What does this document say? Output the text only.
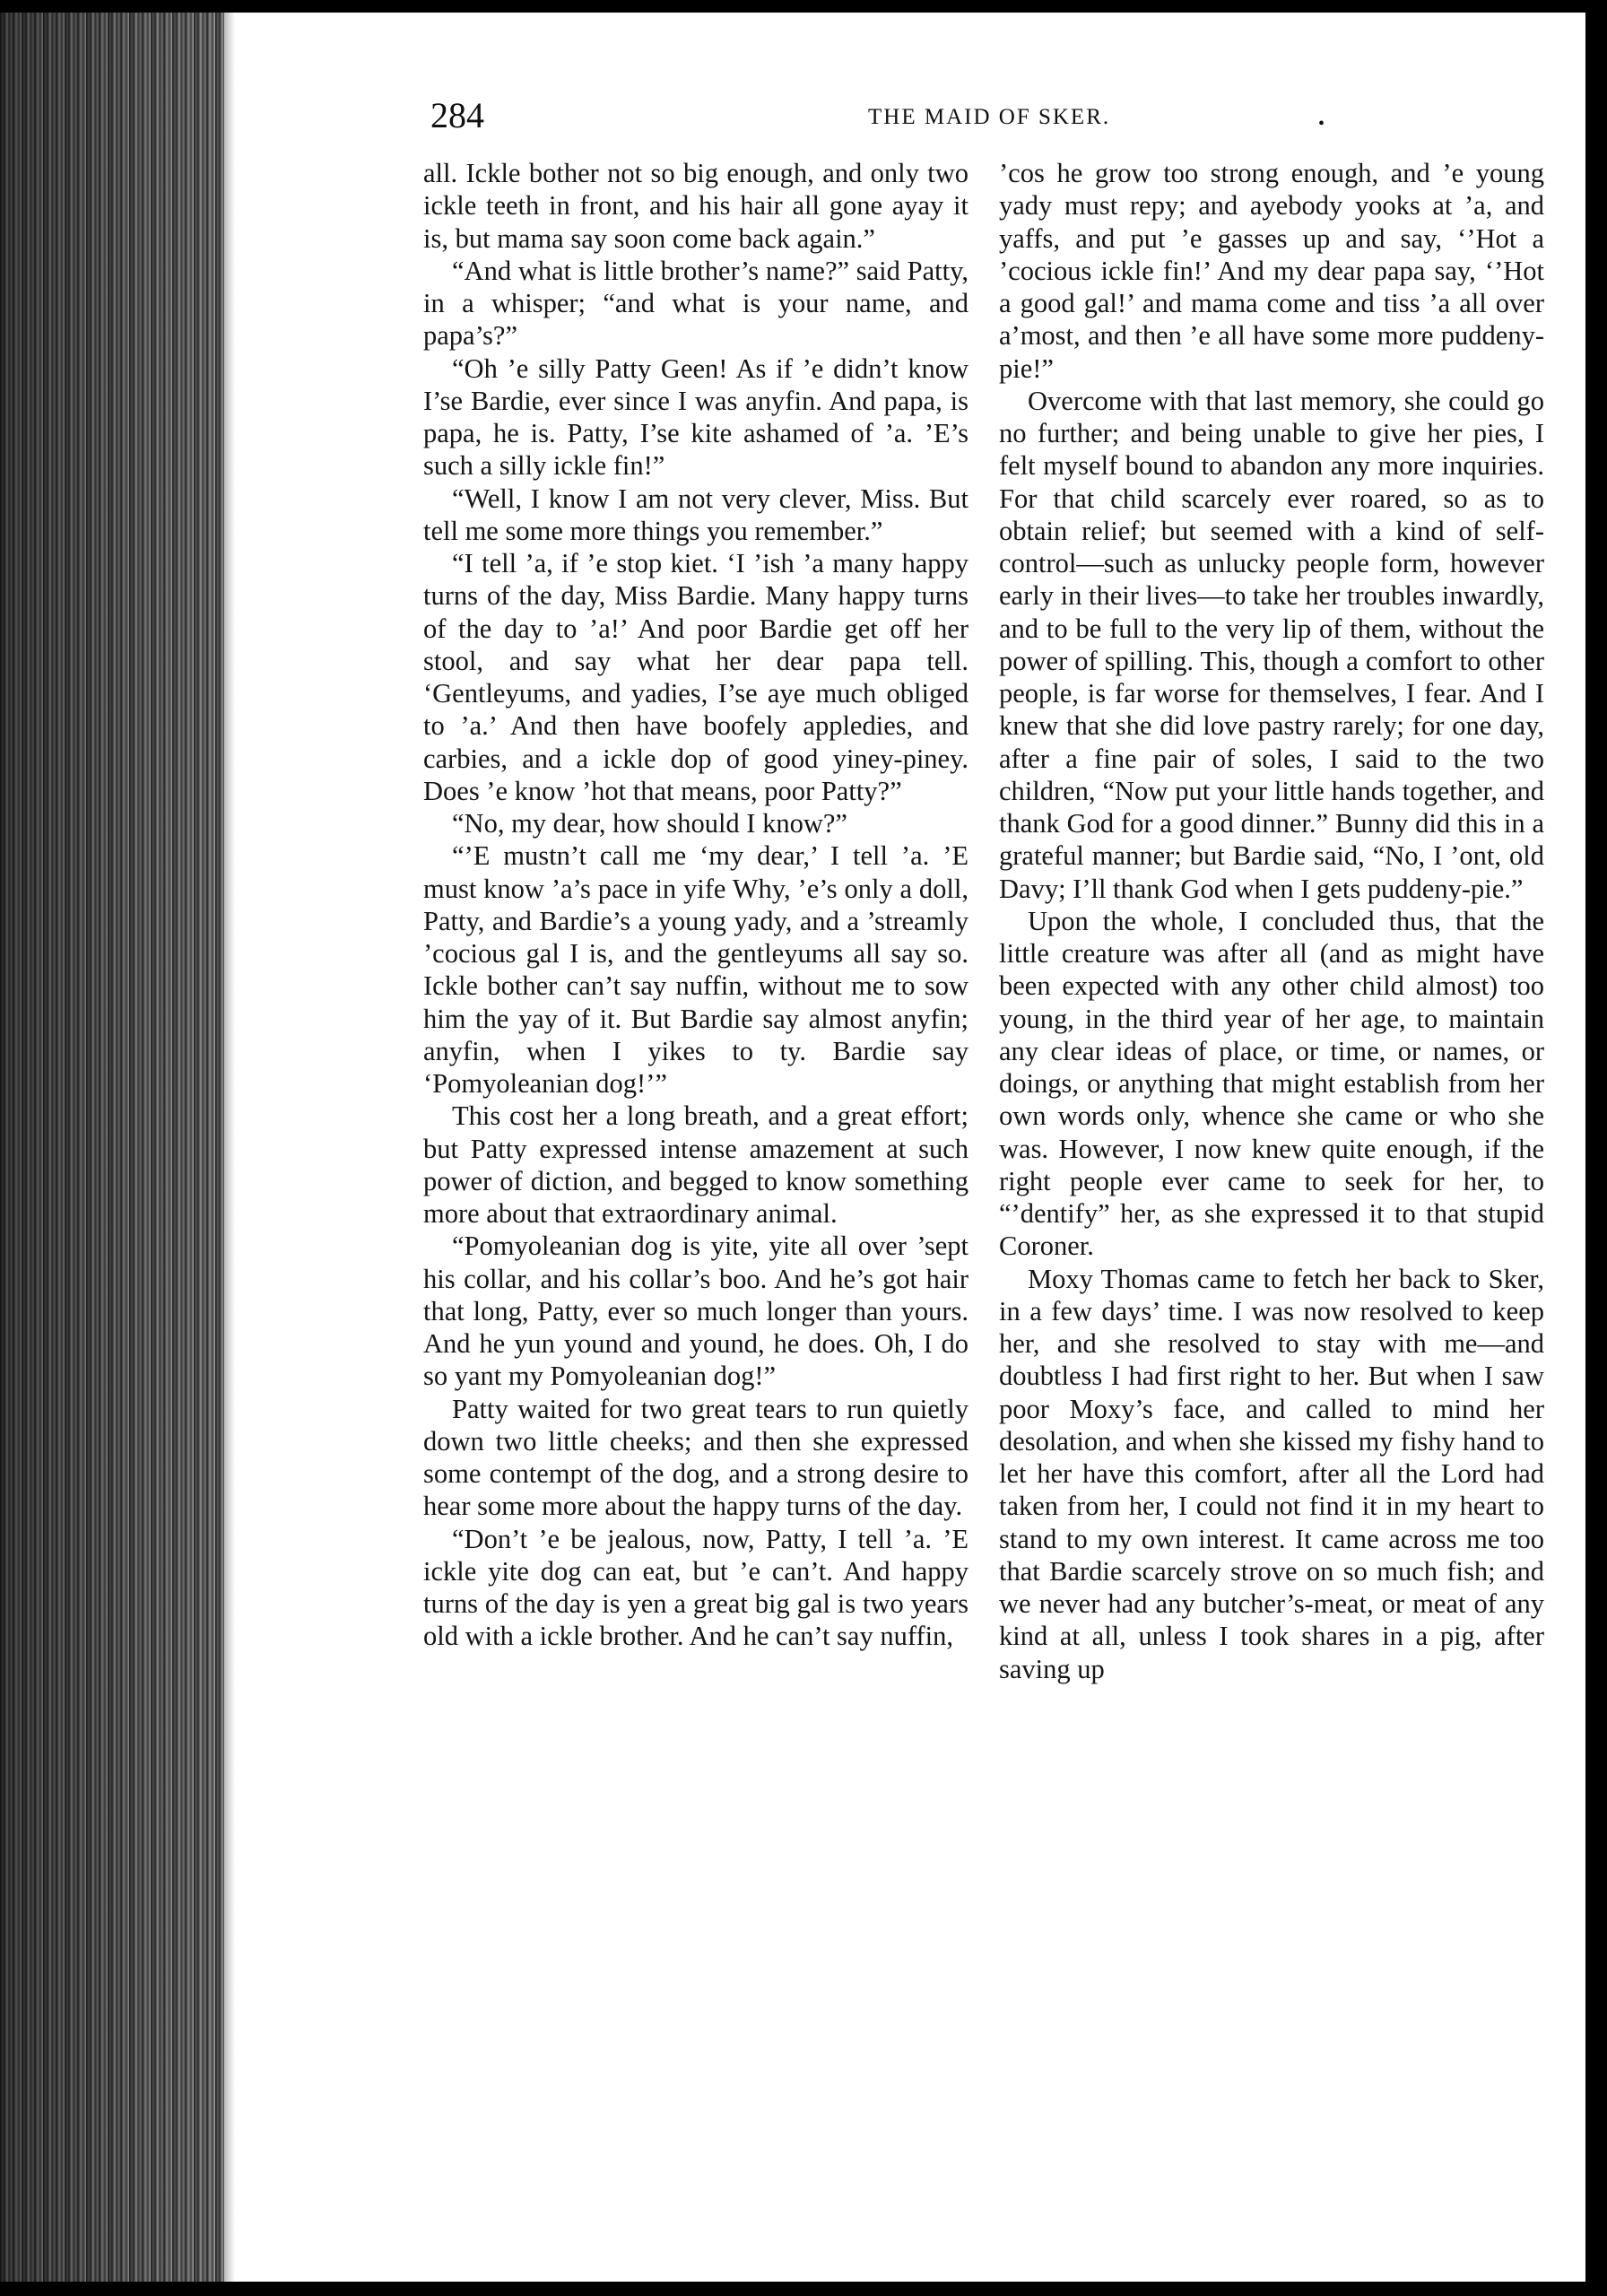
284	THE MAID OF SKER.	•

all. Ickle bother not so big enough, and only two ickle teeth in front, and his hair all gone ayay it is, but mama say soon come back again.”

“And what is little brother’s name?” said Patty, in a whisper; “and what is your name, and papa’s?”

“Oh ’e silly Patty Geen! As if ’e didn’t know I’se Bardie, ever since I was anyfin. And papa, is papa, he is. Patty, I’se kite ashamed of ’a. ’E’s such a silly ickle fin!”

“Well, I know I am not very clever, Miss. But tell me some more things you remember.”

“I tell ’a, if ’e stop kiet. ‘I ’ish ’a many happy turns of the day, Miss Bardie. Many happy turns of the day to ’a!’ And poor Bardie get off her stool, and say what her dear papa tell. ‘Gentleyums, and yadies, I’se aye much obliged to ’a.’ And then have boofely appledies, and carbies, and a ickle dop of good yiney-piney. Does ’e know ’hot that means, poor Patty?”

“No, my dear, how should I know?”

“’E mustn’t call me ‘my dear,’ I tell ’a. ’E must know ’a’s pace in yife Why, ’e’s only a doll, Patty, and Bardie’s a young yady, and a ’streamly ’cocious gal I is, and the gentleyums all say so. Ickle bother can’t say nuffin, without me to sow him the yay of it. But Bardie say almost anyfin; anyfin, when I yikes to ty. Bardie say ‘Pomyoleanian dog!’”

This cost her a long breath, and a great effort; but Patty expressed intense amazement at such power of diction, and begged to know something more about that extraordinary animal.

“Pomyoleanian dog is yite, yite all over ’sept his collar, and his collar’s boo. And he’s got hair that long, Patty, ever so much longer than yours. And he yun yound and yound, he does. Oh, I do so yant my Pomyoleanian dog!”

Patty waited for two great tears to run quietly down two little cheeks; and then she expressed some contempt of the dog, and a strong desire to hear some more about the happy turns of the day.

“Don’t ’e be jealous, now, Patty, I tell ’a. ’E ickle yite dog can eat, but ’e can’t. And happy turns of the day is yen a great big gal is two years old with a ickle brother. And he can’t say nuffin,

’cos he grow too strong enough, and ’e young yady must repy; and ayebody yooks at ’a, and yaffs, and put ’e gasses up and say, ‘’Hot a ’cocious ickle fin!’ And my dear papa say, ‘’Hot a good gal!’ and mama come and tiss ’a all over a’most, and then ’e all have some more puddeny-pie!”

Overcome with that last memory, she could go no further; and being unable to give her pies, I felt myself bound to abandon any more inquiries. For that child scarcely ever roared, so as to obtain relief; but seemed with a kind of self-control—such as unlucky people form, however early in their lives—to take her troubles inwardly, and to be full to the very lip of them, without the power of spilling. This, though a comfort to other people, is far worse for themselves, I fear. And I knew that she did love pastry rarely; for one day, after a fine pair of soles, I said to the two children, “Now put your little hands together, and thank God for a good dinner.” Bunny did this in a grateful manner; but Bardie said, “No, I ’ont, old Davy; I’ll thank God when I gets puddeny-pie.”

Upon the whole, I concluded thus, that the little creature was after all (and as might have been expected with any other child almost) too young, in the third year of her age, to maintain any clear ideas of place, or time, or names, or doings, or anything that might establish from her own words only, whence she came or who she was. However, I now knew quite enough, if the right people ever came to seek for her, to “’dentify” her, as she expressed it to that stupid Coroner.

Moxy Thomas came to fetch her back to Sker, in a few days’ time. I was now resolved to keep her, and she resolved to stay with me—and doubtless I had first right to her. But when I saw poor Moxy’s face, and called to mind her desolation, and when she kissed my fishy hand to let her have this comfort, after all the Lord had taken from her, I could not find it in my heart to stand to my own interest. It came across me too that Bardie scarcely strove on so much fish; and we never had any butcher’s-meat, or meat of any kind at all, unless I took shares in a pig, after saving up
